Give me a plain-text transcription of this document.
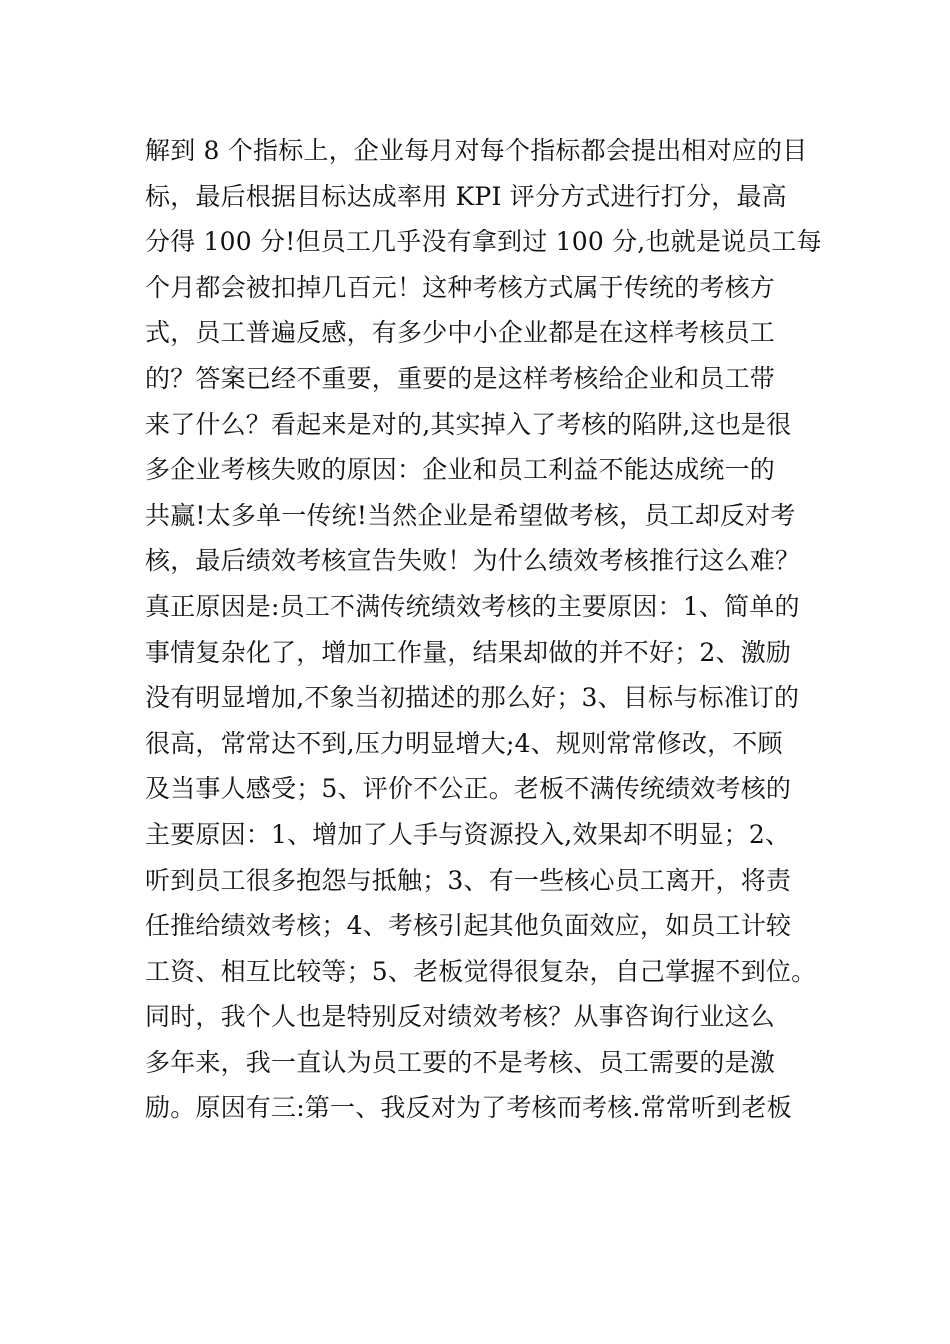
解到 8 个指标上，企业每月对每个指标都会提出相对应的目
标，最后根据目标达成率用 KPI 评分方式进行打分，最高
分得 100 分!但员工几乎没有拿到过 100 分,也就是说员工每
个月都会被扣掉几百元！这种考核方式属于传统的考核方
式，员工普遍反感，有多少中小企业都是在这样考核员工
的？答案已经不重要，重要的是这样考核给企业和员工带
来了什么？看起来是对的,其实掉入了考核的陷阱,这也是很
多企业考核失败的原因：企业和员工利益不能达成统一的
共赢!太多单一传统!当然企业是希望做考核，员工却反对考
核，最后绩效考核宣告失败！为什么绩效考核推行这么难？
真正原因是:员工不满传统绩效考核的主要原因：1、简单的
事情复杂化了，增加工作量，结果却做的并不好；2、激励
没有明显增加,不象当初描述的那么好；3、目标与标准订的
很高，常常达不到,压力明显增大;4、规则常常修改，不顾
及当事人感受；5、评价不公正。老板不满传统绩效考核的
主要原因：1、增加了人手与资源投入,效果却不明显；2、
听到员工很多抱怨与抵触；3、有一些核心员工离开，将责
任推给绩效考核；4、考核引起其他负面效应，如员工计较
工资、相互比较等；5、老板觉得很复杂，自己掌握不到位。
同时，我个人也是特别反对绩效考核？从事咨询行业这么
多年来，我一直认为员工要的不是考核、员工需要的是激
励。原因有三:第一、我反对为了考核而考核.常常听到老板
